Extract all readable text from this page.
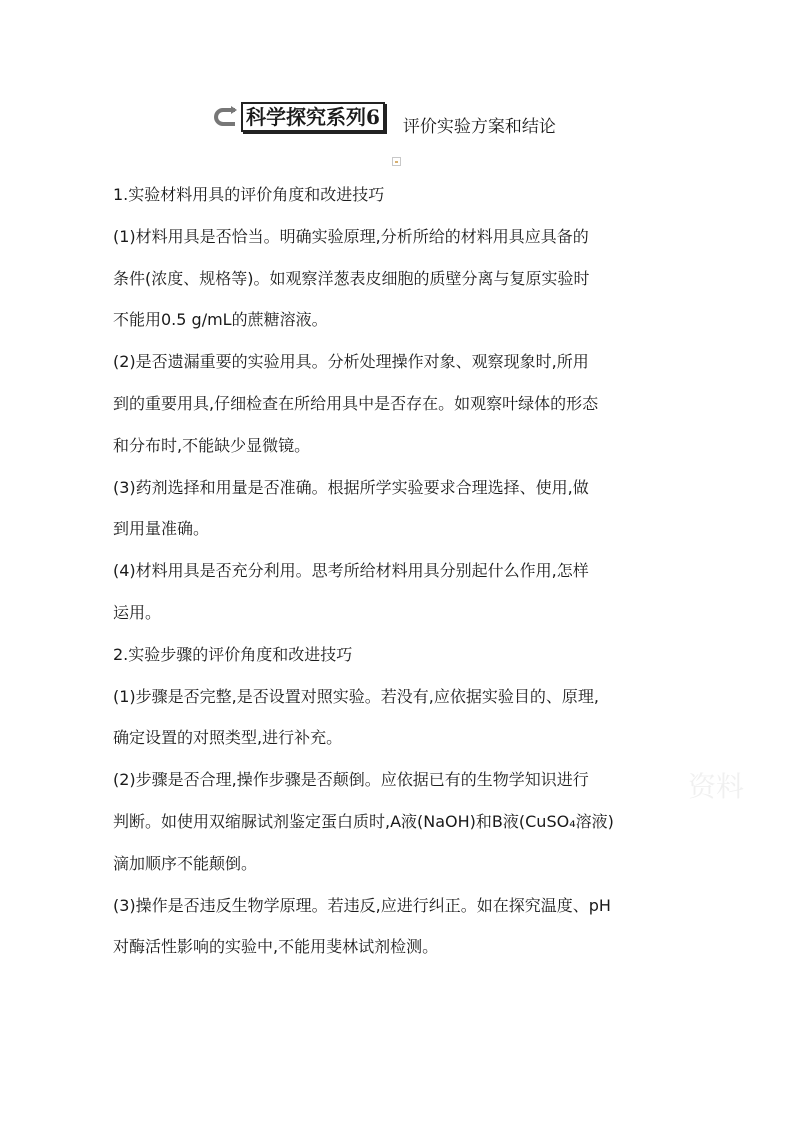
科学探究系列6 评价实验方案和结论
资料
1.实验材料用具的评价角度和改进技巧
(1)材料用具是否恰当。明确实验原理,分析所给的材料用具应具备的
条件(浓度、规格等)。如观察洋葱表皮细胞的质壁分离与复原实验时
不能用0.5 g/mL的蔗糖溶液。
(2)是否遗漏重要的实验用具。分析处理操作对象、观察现象时,所用
到的重要用具,仔细检查在所给用具中是否存在。如观察叶绿体的形态
和分布时,不能缺少显微镜。
(3)药剂选择和用量是否准确。根据所学实验要求合理选择、使用,做
到用量准确。
(4)材料用具是否充分利用。思考所给材料用具分别起什么作用,怎样
运用。
2.实验步骤的评价角度和改进技巧
(1)步骤是否完整,是否设置对照实验。若没有,应依据实验目的、原理,
确定设置的对照类型,进行补充。
(2)步骤是否合理,操作步骤是否颠倒。应依据已有的生物学知识进行
判断。如使用双缩脲试剂鉴定蛋白质时,A液(NaOH)和B液(CuSO₄溶液)
滴加顺序不能颠倒。
(3)操作是否违反生物学原理。若违反,应进行纠正。如在探究温度、pH
对酶活性影响的实验中,不能用斐林试剂检测。
